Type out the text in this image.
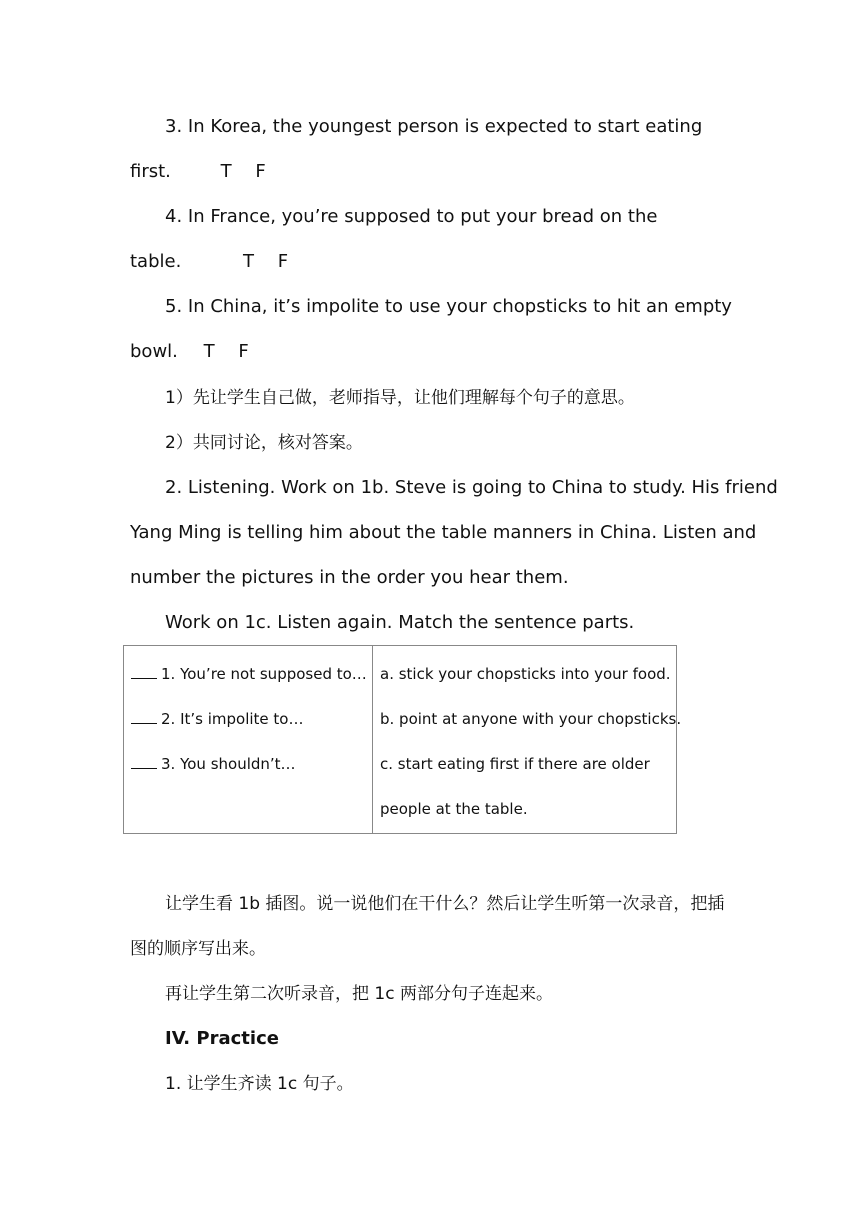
3. In Korea, the youngest person is expected to start eating
first.	T F
4. In France, you’re supposed to put your bread on the
table.	T F
5. In China, it’s impolite to use your chopsticks to hit an empty
bowl. T F
1）先让学生自己做，老师指导，让他们理解每个句子的意思。
2）共同讨论，核对答案。
2. Listening. Work on 1b. Steve is going to China to study. His friend
Yang Ming is telling him about the table manners in China. Listen and
number the pictures in the order you hear them.
Work on 1c. Listen again. Match the sentence parts.
1. You’re not supposed to…
2. It’s impolite to…
3. You shouldn’t…
a. stick your chopsticks into your food.
b. point at anyone with your chopsticks.
c. start eating first if there are older
people at the table.
让学生看 1b 插图。说一说他们在干什么？然后让学生听第一次录音，把插
图的顺序写出来。
再让学生第二次听录音，把 1c 两部分句子连起来。
IV. Practice
1. 让学生齐读 1c 句子。
